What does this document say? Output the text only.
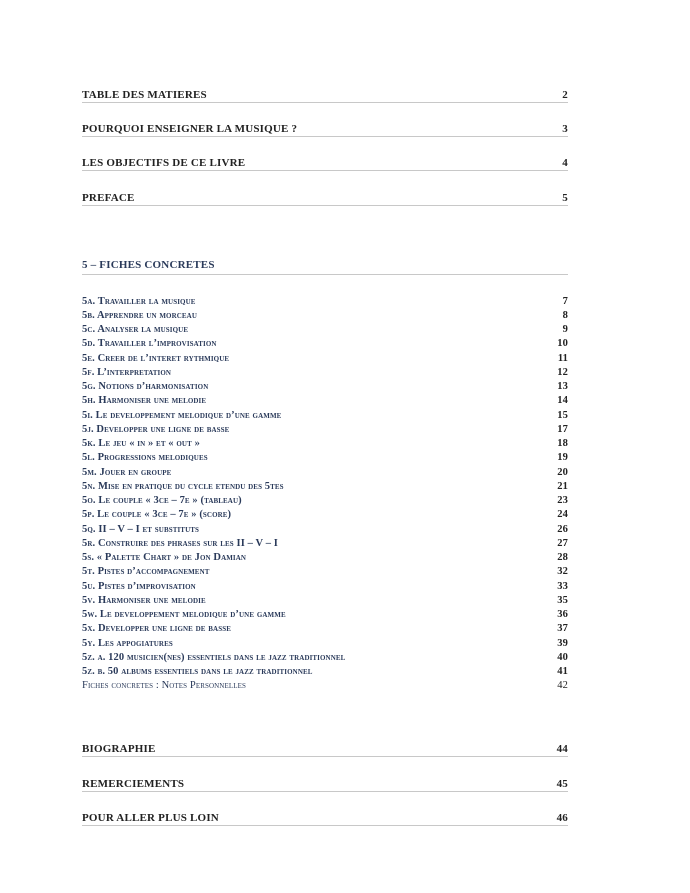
TABLE DES MATIERES	2
POURQUOI ENSEIGNER LA MUSIQUE ?	3
LES OBJECTIFS DE CE LIVRE	4
PREFACE	5
5 – FICHES CONCRETES
5a. Travailler la musique	7
5b. Apprendre un morceau	8
5c. Analyser la musique	9
5d. Travailler l’improvisation	10
5e. Creer de l’interet rythmique	11
5f. L’interpretation	12
5g. Notions d’harmonisation	13
5h. Harmoniser une melodie	14
5i. Le developpement melodique d’une gamme	15
5j. Developper une ligne de basse	17
5k. Le jeu « in » et « out »	18
5l. Progressions melodiques	19
5m. Jouer en groupe	20
5n. Mise en pratique du cycle etendu des 5tes	21
5o. Le couple « 3ce – 7e » (tableau)	23
5p. Le couple « 3ce – 7e » (score)	24
5q. II – V – I et substituts	26
5r. Construire des phrases sur les II – V – I	27
5s. « Palette Chart » de Jon Damian	28
5t. Pistes d’accompagnement	32
5u. Pistes d’improvisation	33
5v. Harmoniser une melodie	35
5w. Le developpement melodique d’une gamme	36
5x. Developper une ligne de basse	37
5y. Les appogiatures	39
5z. a. 120 musicien(nes) essentiels dans le jazz traditionnel	40
5z. b. 50 albums essentiels dans le jazz traditionnel	41
Fiches concretes : Notes Personnelles	42
BIOGRAPHIE	44
REMERCIEMENTS	45
POUR ALLER PLUS LOIN	46
